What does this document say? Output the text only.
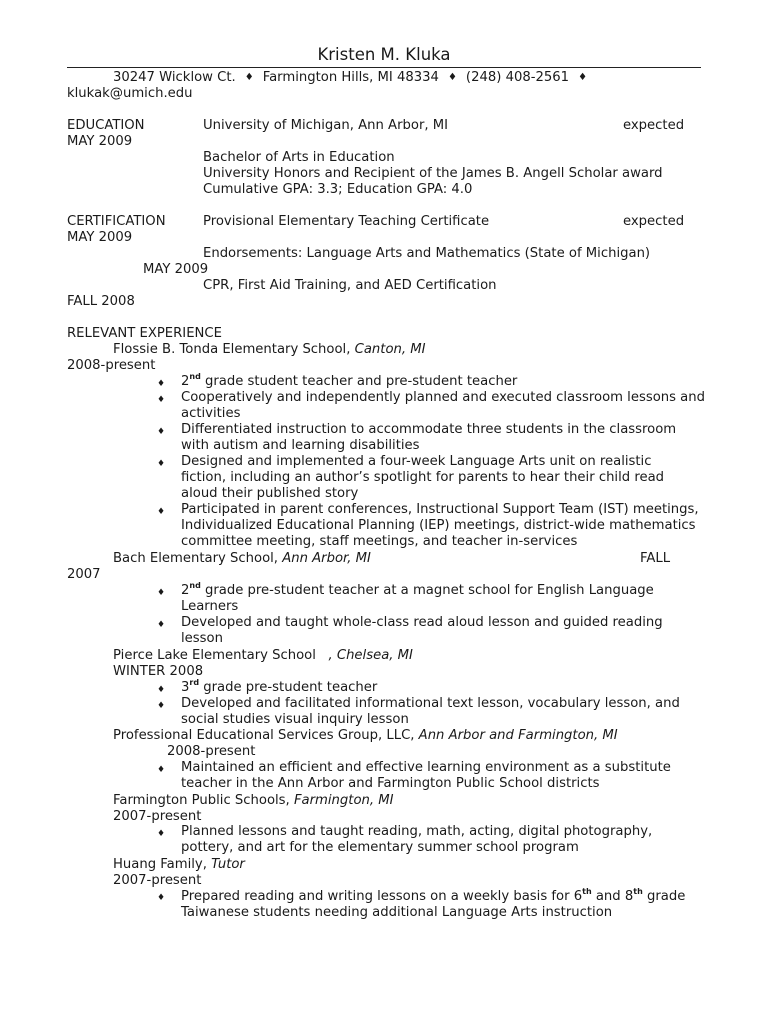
Kristen M. Kluka
30247 Wicklow Ct. ♦ Farmington Hills, MI 48334 ♦ (248) 408-2561 ♦
klukak@umich.edu
EDUCATION	University of Michigan, Ann Arbor, MI	expected
MAY 2009
Bachelor of Arts in Education
University Honors and Recipient of the James B. Angell Scholar award
Cumulative GPA: 3.3; Education GPA: 4.0
CERTIFICATION	Provisional Elementary Teaching Certificate	expected
MAY 2009
Endorsements: Language Arts and Mathematics (State of Michigan)
MAY 2009
CPR, First Aid Training, and AED Certification
FALL 2008
RELEVANT EXPERIENCE
Flossie B. Tonda Elementary School, Canton, MI
2008-present
♦ 2nd grade student teacher and pre-student teacher
♦ Cooperatively and independently planned and executed classroom lessons and activities
♦ Differentiated instruction to accommodate three students in the classroom with autism and learning disabilities
♦ Designed and implemented a four-week Language Arts unit on realistic fiction, including an author’s spotlight for parents to hear their child read aloud their published story
♦ Participated in parent conferences, Instructional Support Team (IST) meetings, Individualized Educational Planning (IEP) meetings, district-wide mathematics committee meeting, staff meetings, and teacher in-services
Bach Elementary School, Ann Arbor, MI	FALL
2007
♦ 2nd grade pre-student teacher at a magnet school for English Language Learners
♦ Developed and taught whole-class read aloud lesson and guided reading lesson
Pierce Lake Elementary School , Chelsea, MI
WINTER 2008
♦ 3rd grade pre-student teacher
♦ Developed and facilitated informational text lesson, vocabulary lesson, and social studies visual inquiry lesson
Professional Educational Services Group, LLC, Ann Arbor and Farmington, MI
2008-present
♦ Maintained an efficient and effective learning environment as a substitute teacher in the Ann Arbor and Farmington Public School districts
Farmington Public Schools, Farmington, MI
2007-present
♦ Planned lessons and taught reading, math, acting, digital photography, pottery, and art for the elementary summer school program
Huang Family, Tutor
2007-present
♦ Prepared reading and writing lessons on a weekly basis for 6th and 8th grade Taiwanese students needing additional Language Arts instruction
